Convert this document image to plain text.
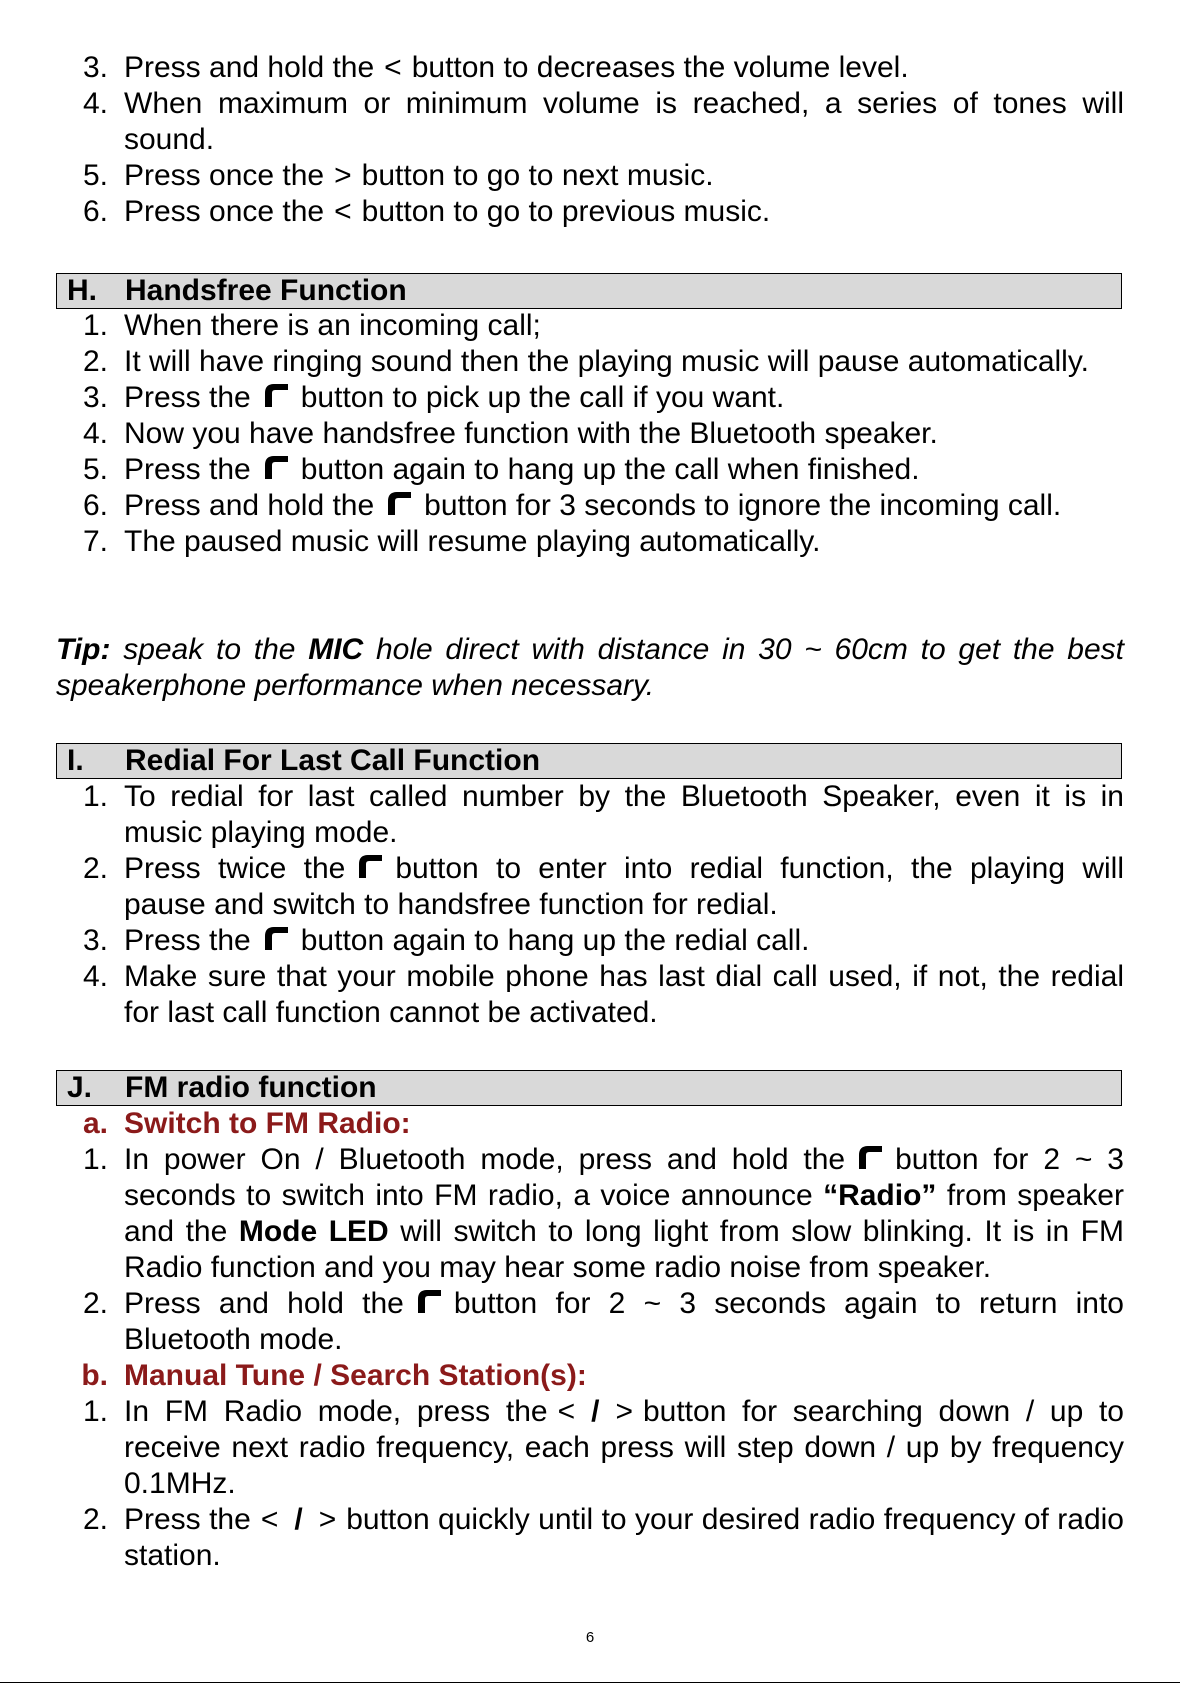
3. Press and hold the < button to decreases the volume level.
4. When maximum or minimum volume is reached, a series of tones will sound.
5. Press once the > button to go to next music.
6. Press once the < button to go to previous music.
H. Handsfree Function
1. When there is an incoming call;
2. It will have ringing sound then the playing music will pause automatically.
3. Press the button to pick up the call if you want.
4. Now you have handsfree function with the Bluetooth speaker.
5. Press the button again to hang up the call when finished.
6. Press and hold the button for 3 seconds to ignore the incoming call.
7. The paused music will resume playing automatically.
Tip: speak to the MIC hole direct with distance in 30 ~ 60cm to get the best speakerphone performance when necessary.
I.	Redial For Last Call Function
1. To redial for last called number by the Bluetooth Speaker, even it is in music playing mode.
2. Press twice the button to enter into redial function, the playing will pause and switch to handsfree function for redial.
3. Press the button again to hang up the redial call.
4. Make sure that your mobile phone has last dial call used, if not, the redial for last call function cannot be activated.
J.	FM radio function
a. Switch to FM Radio:
1. In power On / Bluetooth mode, press and hold the button for 2 ~ 3 seconds to switch into FM radio, a voice announce “Radio” from speaker and the Mode LED will switch to long light from slow blinking. It is in FM Radio function and you may hear some radio noise from speaker.
2. Press and hold the button for 2 ~ 3 seconds again to return into Bluetooth mode.
b. Manual Tune / Search Station(s):
1. In FM Radio mode, press the < / > button for searching down / up to receive next radio frequency, each press will step down / up by frequency 0.1MHz.
2. Press the < / > button quickly until to your desired radio frequency of radio station.
6
